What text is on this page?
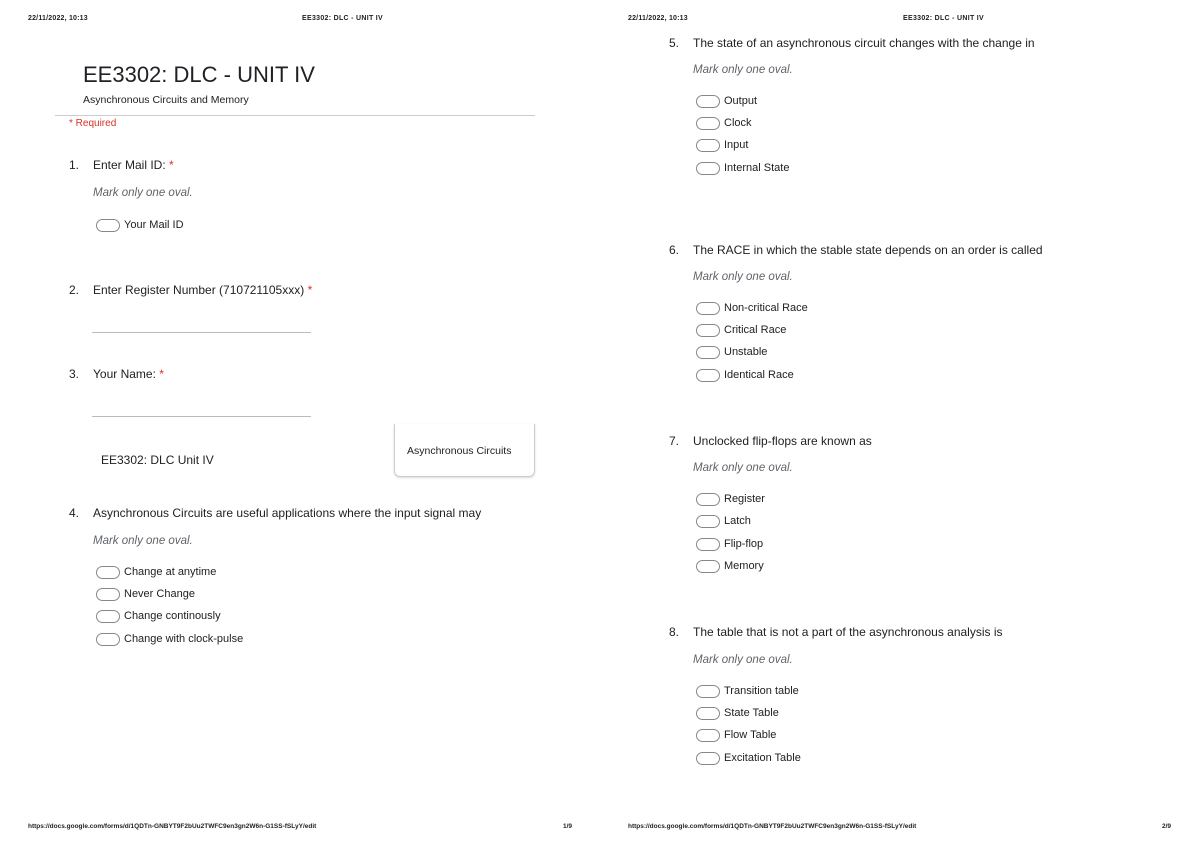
22/11/2022, 10:13	EE3302: DLC - UNIT IV
EE3302: DLC - UNIT IV
Asynchronous Circuits and Memory
* Required
1. Enter Mail ID: *
Mark only one oval.
Your Mail ID
2. Enter Register Number (710721105xxx) *
3. Your Name: *
EE3302: DLC Unit IV
Asynchronous Circuits
4. Asynchronous Circuits are useful applications where the input signal may
Mark only one oval.
Change at anytime
Never Change
Change continously
Change with clock-pulse
https://docs.google.com/forms/d/1QDTn-GNBYT9F2bUu2TWFC9en3gn2W6n-G1SS-fSLyY/edit	1/9
22/11/2022, 10:13	EE3302: DLC - UNIT IV
5. The state of an asynchronous circuit changes with the change in
Mark only one oval.
Output
Clock
Input
Internal State
6. The RACE in which the stable state depends on an order is called
Mark only one oval.
Non-critical Race
Critical Race
Unstable
Identical Race
7. Unclocked flip-flops are known as
Mark only one oval.
Register
Latch
Flip-flop
Memory
8. The table that is not a part of the asynchronous analysis is
Mark only one oval.
Transition table
State Table
Flow Table
Excitation Table
https://docs.google.com/forms/d/1QDTn-GNBYT9F2bUu2TWFC9en3gn2W6n-G1SS-fSLyY/edit	2/9
